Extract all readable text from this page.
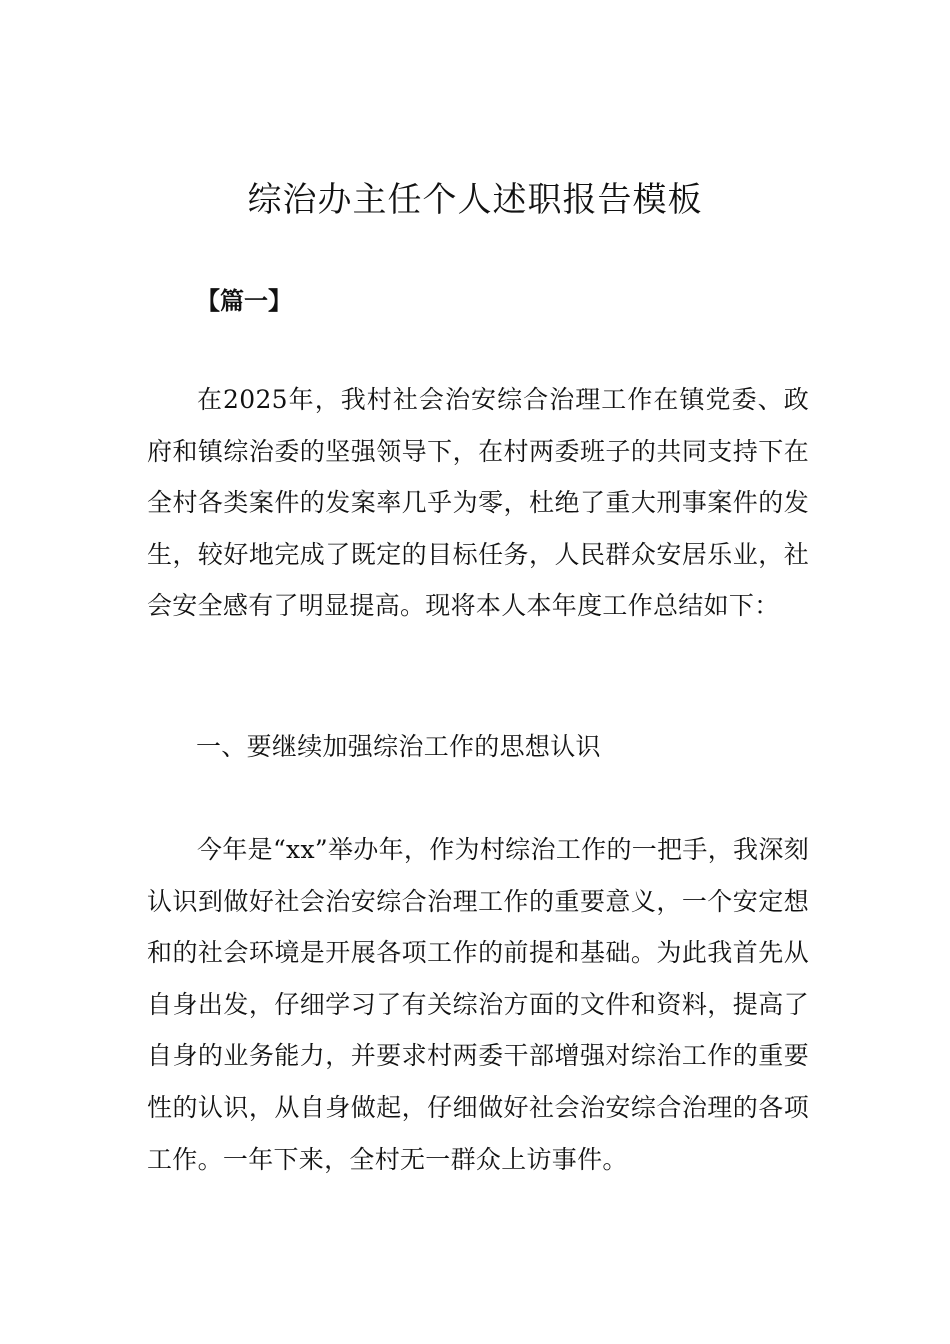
综治办主任个人述职报告模板
【篇一】
在2025年，我村社会治安综合治理工作在镇党委、政府和镇综治委的坚强领导下，在村两委班子的共同支持下在全村各类案件的发案率几乎为零，杜绝了重大刑事案件的发生，较好地完成了既定的目标任务，人民群众安居乐业，社会安全感有了明显提高。现将本人本年度工作总结如下：
一、要继续加强综治工作的思想认识
今年是“xx”举办年，作为村综治工作的一把手，我深刻认识到做好社会治安综合治理工作的重要意义，一个安定想和的社会环境是开展各项工作的前提和基础。为此我首先从自身出发，仔细学习了有关综治方面的文件和资料，提高了自身的业务能力，并要求村两委干部增强对综治工作的重要性的认识，从自身做起，仔细做好社会治安综合治理的各项工作。一年下来，全村无一群众上访事件。
